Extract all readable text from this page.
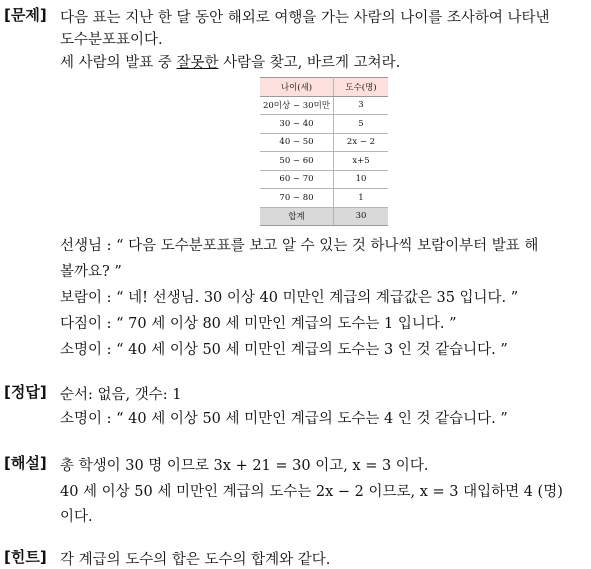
[문제] 다음 표는 지난 한 달 동안 해외로 여행을 가는 사람의 나이를 조사하여 나타낸
도수분포표이다.
세 사람의 발표 중 잘못한 사람을 찾고, 바르게 고쳐라.
나이(세)	도수(명)
20이상 ~ 30미만	3
30 ~ 40	5
40 ~ 50	2x − 2
50 ~ 60	x+5
60 ~ 70	10
70 ~ 80	1
합계	30
선생님 : “ 다음 도수분포표를 보고 알 수 있는 것 하나씩 보람이부터 발표 해
볼까요? ”
보람이 : “ 네! 선생님. 30 이상 40 미만인 계급의 계급값은 35 입니다. ”
다짐이 : “ 70 세 이상 80 세 미만인 계급의 도수는 1 입니다. ”
소명이 : “ 40 세 이상 50 세 미만인 계급의 도수는 3 인 것 같습니다. ”
[정답] 순서: 없음, 갯수: 1
소명이 : “ 40 세 이상 50 세 미만인 계급의 도수는 4 인 것 같습니다. ”
[해설] 총 학생이 30 명 이므로 3x + 21 = 30 이고, x = 3 이다.
40 세 이상 50 세 미만인 계급의 도수는 2x − 2 이므로, x = 3 대입하면 4 (명)
이다.
[힌트] 각 계급의 도수의 합은 도수의 합계와 같다.
